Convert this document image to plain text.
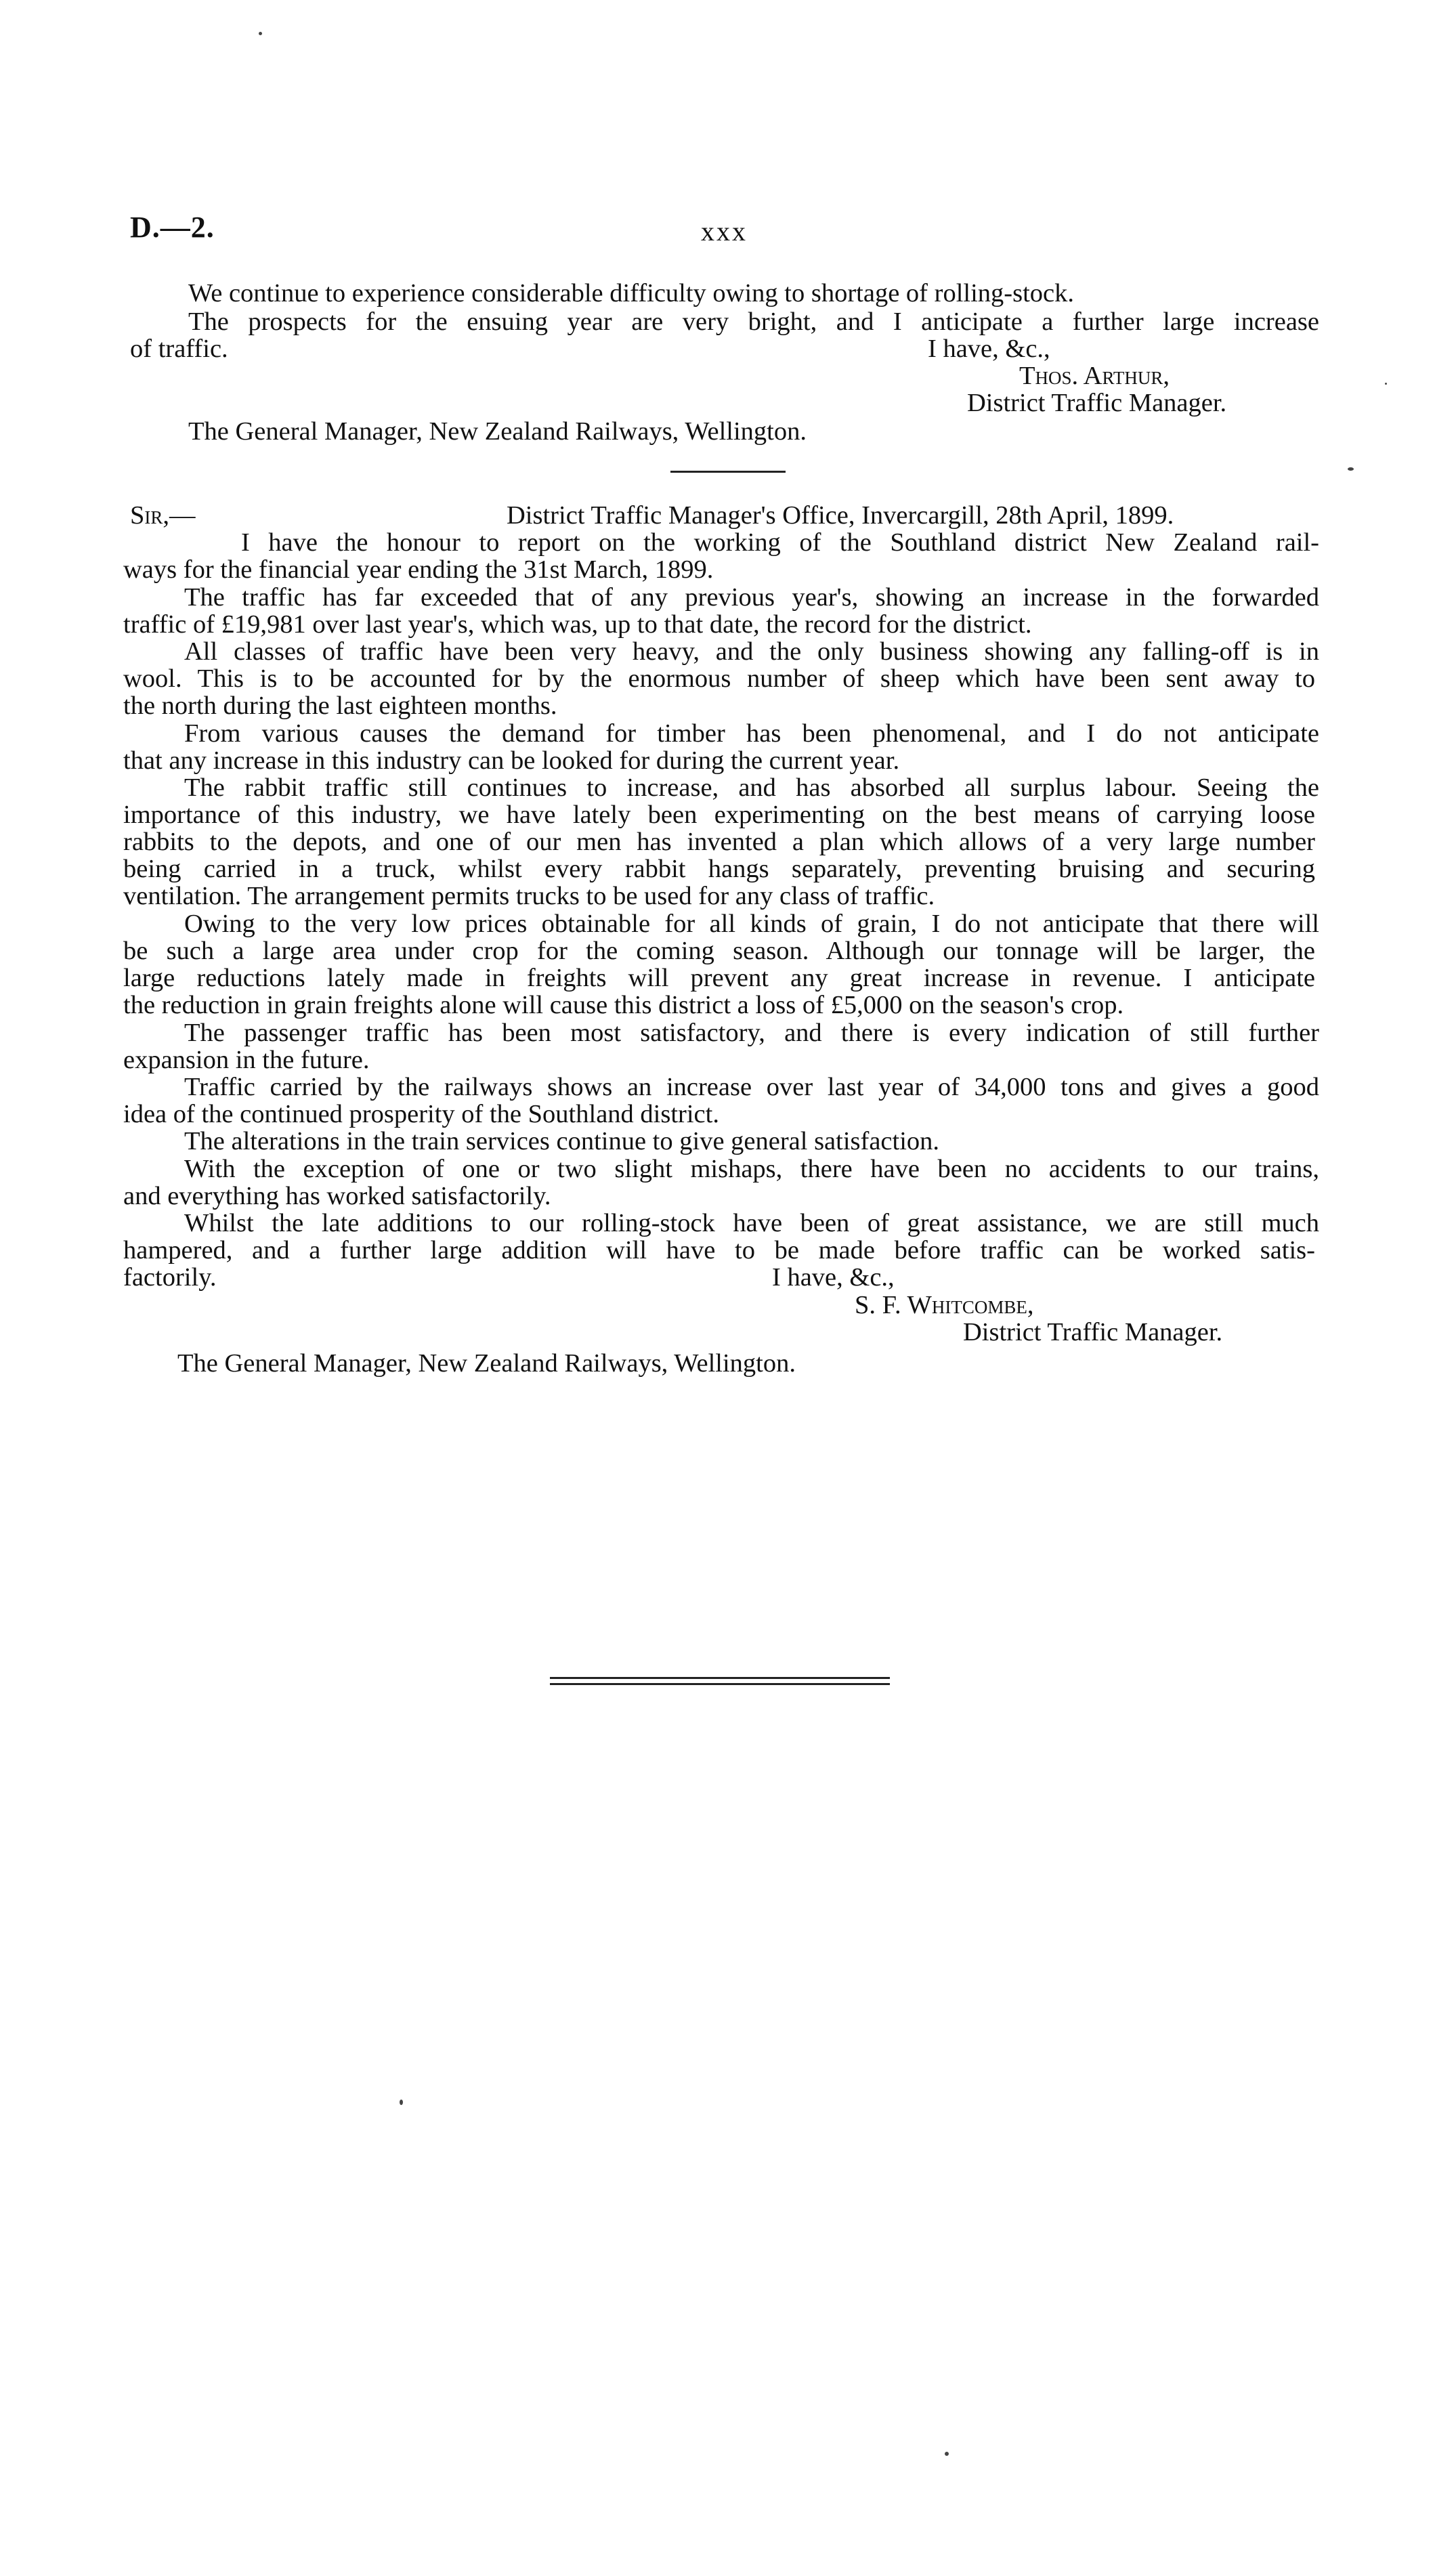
D.—2.	xxx
We continue to experience considerable difficulty owing to shortage of rolling-stock.
The prospects for the ensuing year are very bright, and I anticipate a further large increase
of traffic.	I have, &c.,
Thos. Arthur,
District Traffic Manager.
The General Manager, New Zealand Railways, Wellington.
Sir,—	District Traffic Manager's Office, Invercargill, 28th April, 1899.
I have the honour to report on the working of the Southland district New Zealand rail-
ways for the financial year ending the 31st March, 1899.
The traffic has far exceeded that of any previous year's, showing an increase in the forwarded
traffic of £19,981 over last year's, which was, up to that date, the record for the district.
All classes of traffic have been very heavy, and the only business showing any falling-off is in
wool. This is to be accounted for by the enormous number of sheep which have been sent away to
the north during the last eighteen months.
From various causes the demand for timber has been phenomenal, and I do not anticipate
that any increase in this industry can be looked for during the current year.
The rabbit traffic still continues to increase, and has absorbed all surplus labour. Seeing the
importance of this industry, we have lately been experimenting on the best means of carrying loose
rabbits to the depots, and one of our men has invented a plan which allows of a very large number
being carried in a truck, whilst every rabbit hangs separately, preventing bruising and securing
ventilation. The arrangement permits trucks to be used for any class of traffic.
Owing to the very low prices obtainable for all kinds of grain, I do not anticipate that there will
be such a large area under crop for the coming season. Although our tonnage will be larger, the
large reductions lately made in freights will prevent any great increase in revenue. I anticipate
the reduction in grain freights alone will cause this district a loss of £5,000 on the season's crop.
The passenger traffic has been most satisfactory, and there is every indication of still further
expansion in the future.
Traffic carried by the railways shows an increase over last year of 34,000 tons and gives a good
idea of the continued prosperity of the Southland district.
The alterations in the train services continue to give general satisfaction.
With the exception of one or two slight mishaps, there have been no accidents to our trains,
and everything has worked satisfactorily.
Whilst the late additions to our rolling-stock have been of great assistance, we are still much
hampered, and a further large addition will have to be made before traffic can be worked satis-
factorily.	I have, &c.,
S. F. Whitcombe,
District Traffic Manager.
The General Manager, New Zealand Railways, Wellington.
